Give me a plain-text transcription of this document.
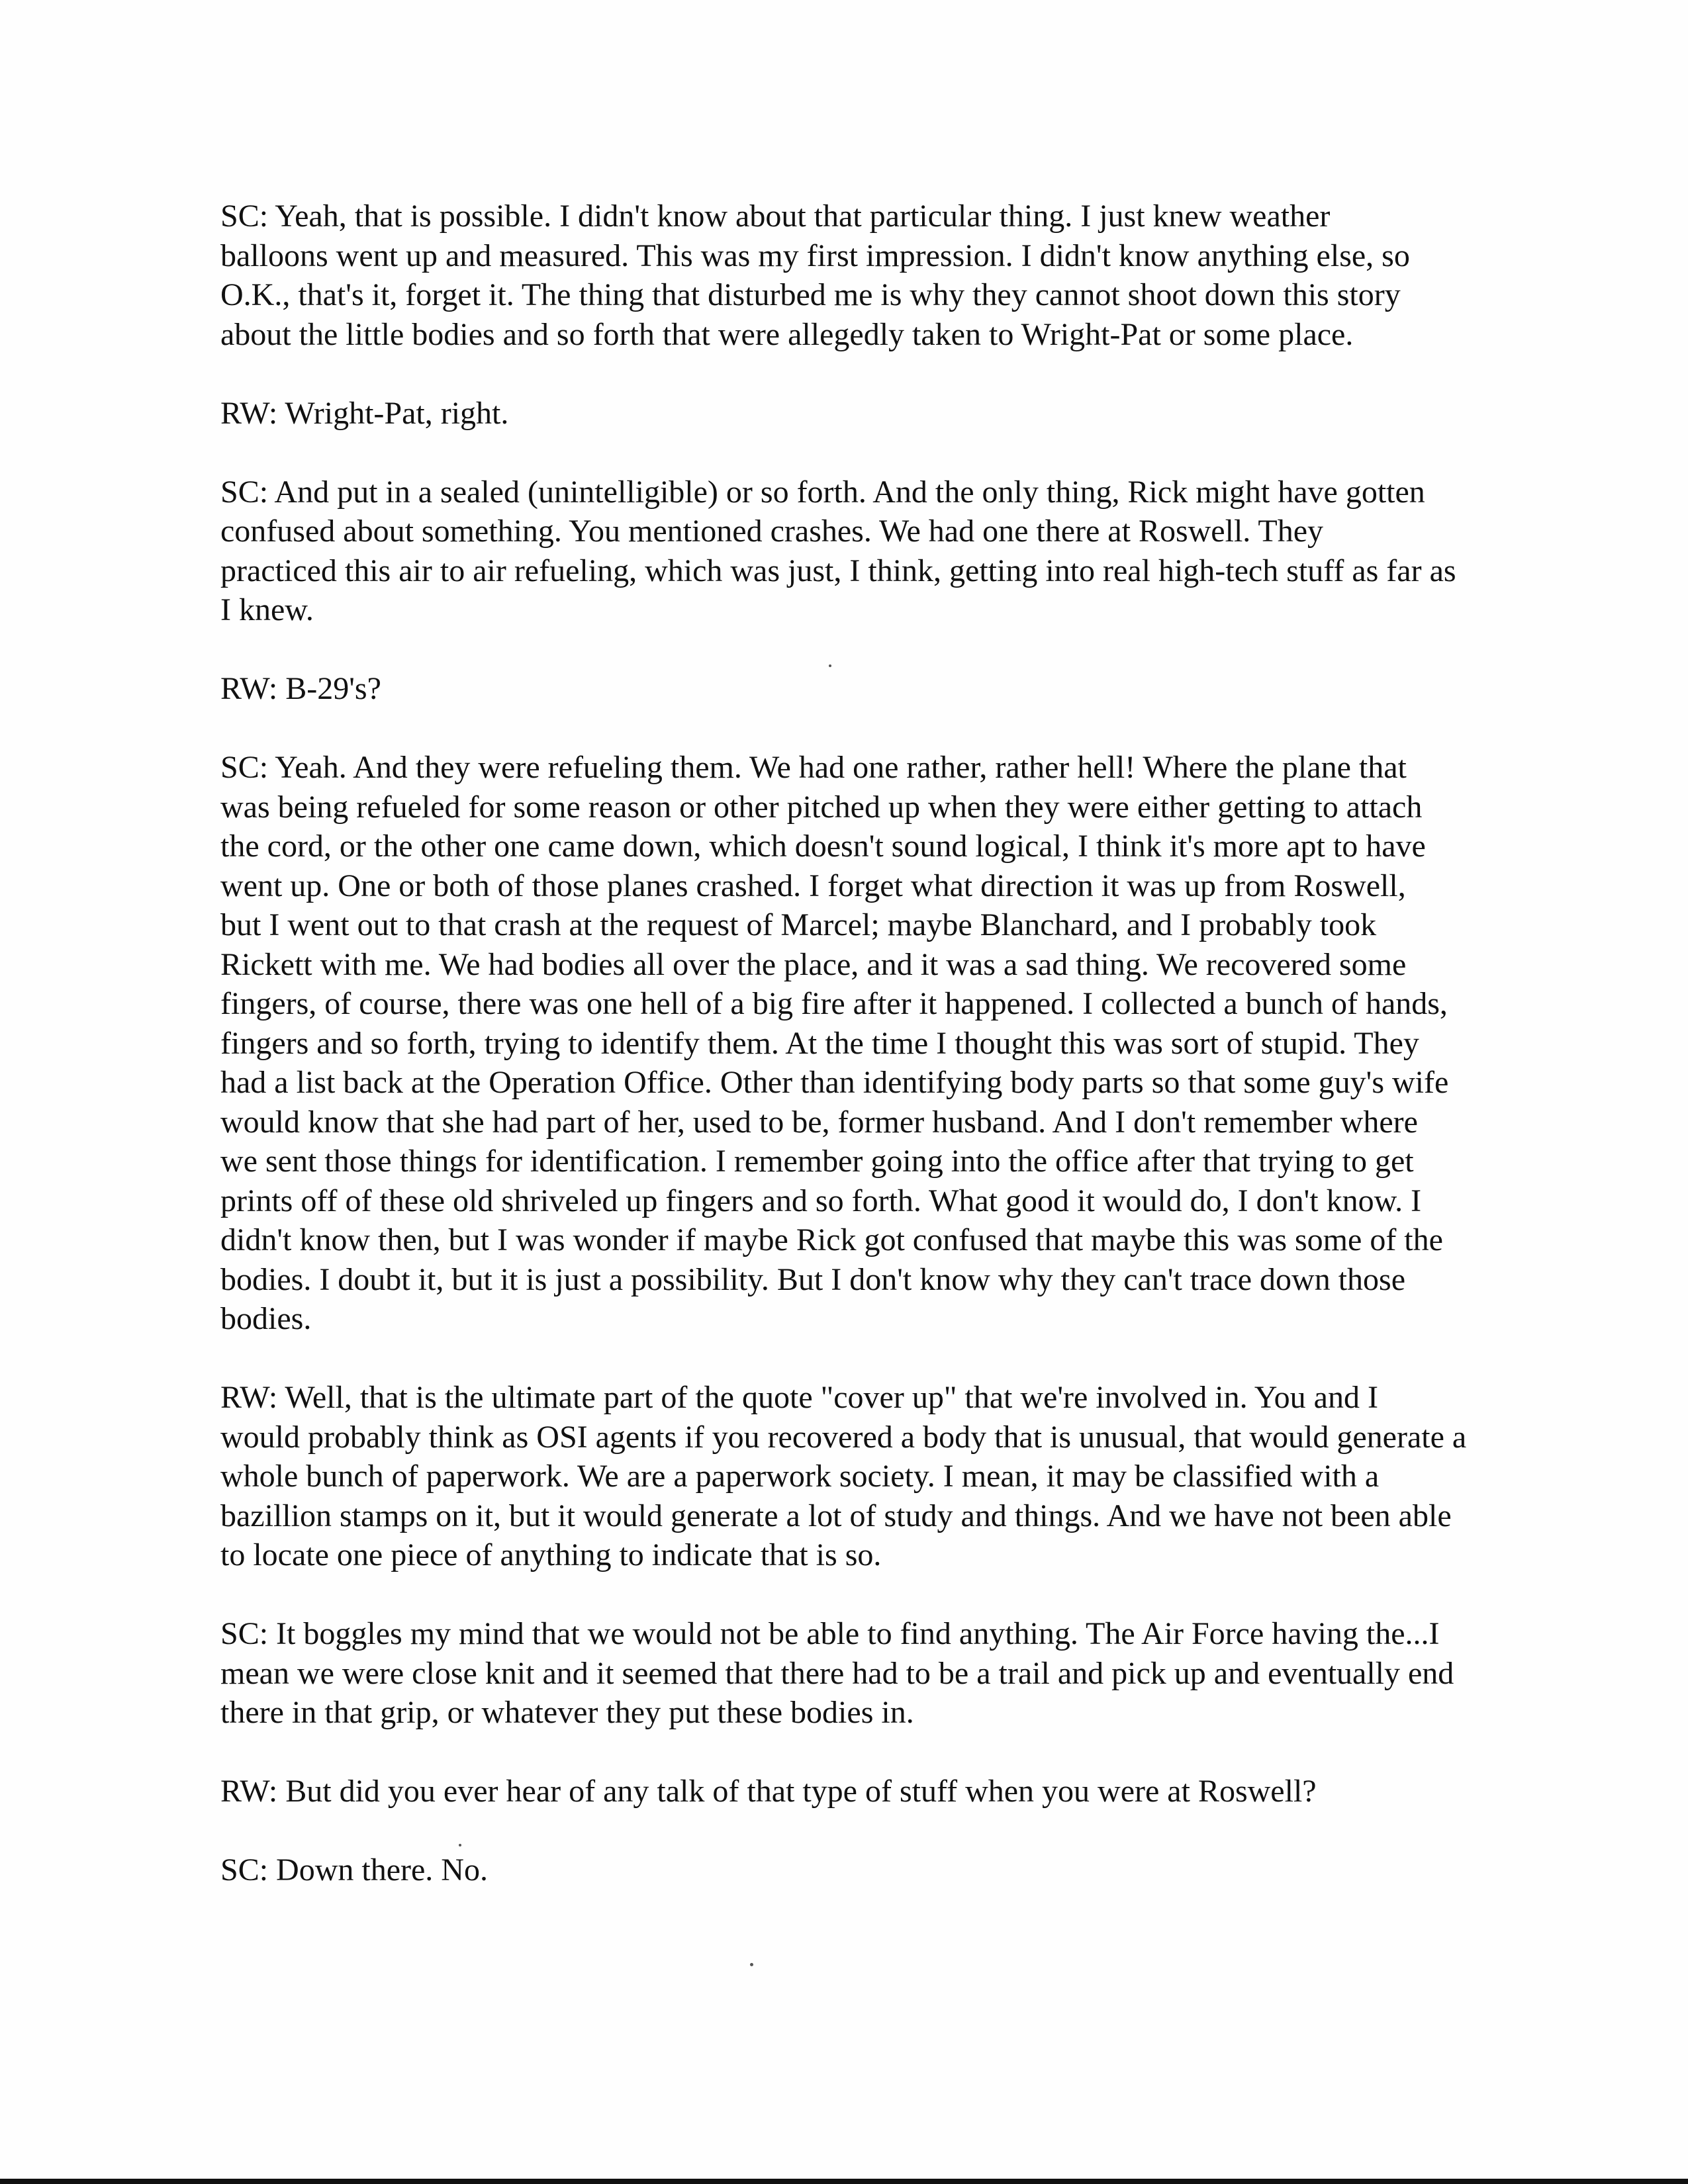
SC: Yeah, that is possible. I didn't know about that particular thing. I just knew weather
balloons went up and measured. This was my first impression. I didn't know anything else, so
O.K., that's it, forget it. The thing that disturbed me is why they cannot shoot down this story
about the little bodies and so forth that were allegedly taken to Wright-Pat or some place.

RW: Wright-Pat, right.

SC: And put in a sealed (unintelligible) or so forth. And the only thing, Rick might have gotten
confused about something. You mentioned crashes. We had one there at Roswell. They
practiced this air to air refueling, which was just, I think, getting into real high-tech stuff as far as
I knew.

RW: B-29's?

SC: Yeah. And they were refueling them. We had one rather, rather hell! Where the plane that
was being refueled for some reason or other pitched up when they were either getting to attach
the cord, or the other one came down, which doesn't sound logical, I think it's more apt to have
went up. One or both of those planes crashed. I forget what direction it was up from Roswell,
but I went out to that crash at the request of Marcel; maybe Blanchard, and I probably took
Rickett with me. We had bodies all over the place, and it was a sad thing. We recovered some
fingers, of course, there was one hell of a big fire after it happened. I collected a bunch of hands,
fingers and so forth, trying to identify them. At the time I thought this was sort of stupid. They
had a list back at the Operation Office. Other than identifying body parts so that some guy's wife
would know that she had part of her, used to be, former husband. And I don't remember where
we sent those things for identification. I remember going into the office after that trying to get
prints off of these old shriveled up fingers and so forth. What good it would do, I don't know. I
didn't know then, but I was wonder if maybe Rick got confused that maybe this was some of the
bodies. I doubt it, but it is just a possibility. But I don't know why they can't trace down those
bodies.

RW: Well, that is the ultimate part of the quote "cover up" that we're involved in. You and I
would probably think as OSI agents if you recovered a body that is unusual, that would generate a
whole bunch of paperwork. We are a paperwork society. I mean, it may be classified with a
bazillion stamps on it, but it would generate a lot of study and things. And we have not been able
to locate one piece of anything to indicate that is so.

SC: It boggles my mind that we would not be able to find anything. The Air Force having the...I
mean we were close knit and it seemed that there had to be a trail and pick up and eventually end
there in that grip, or whatever they put these bodies in.

RW: But did you ever hear of any talk of that type of stuff when you were at Roswell?

SC: Down there. No.
